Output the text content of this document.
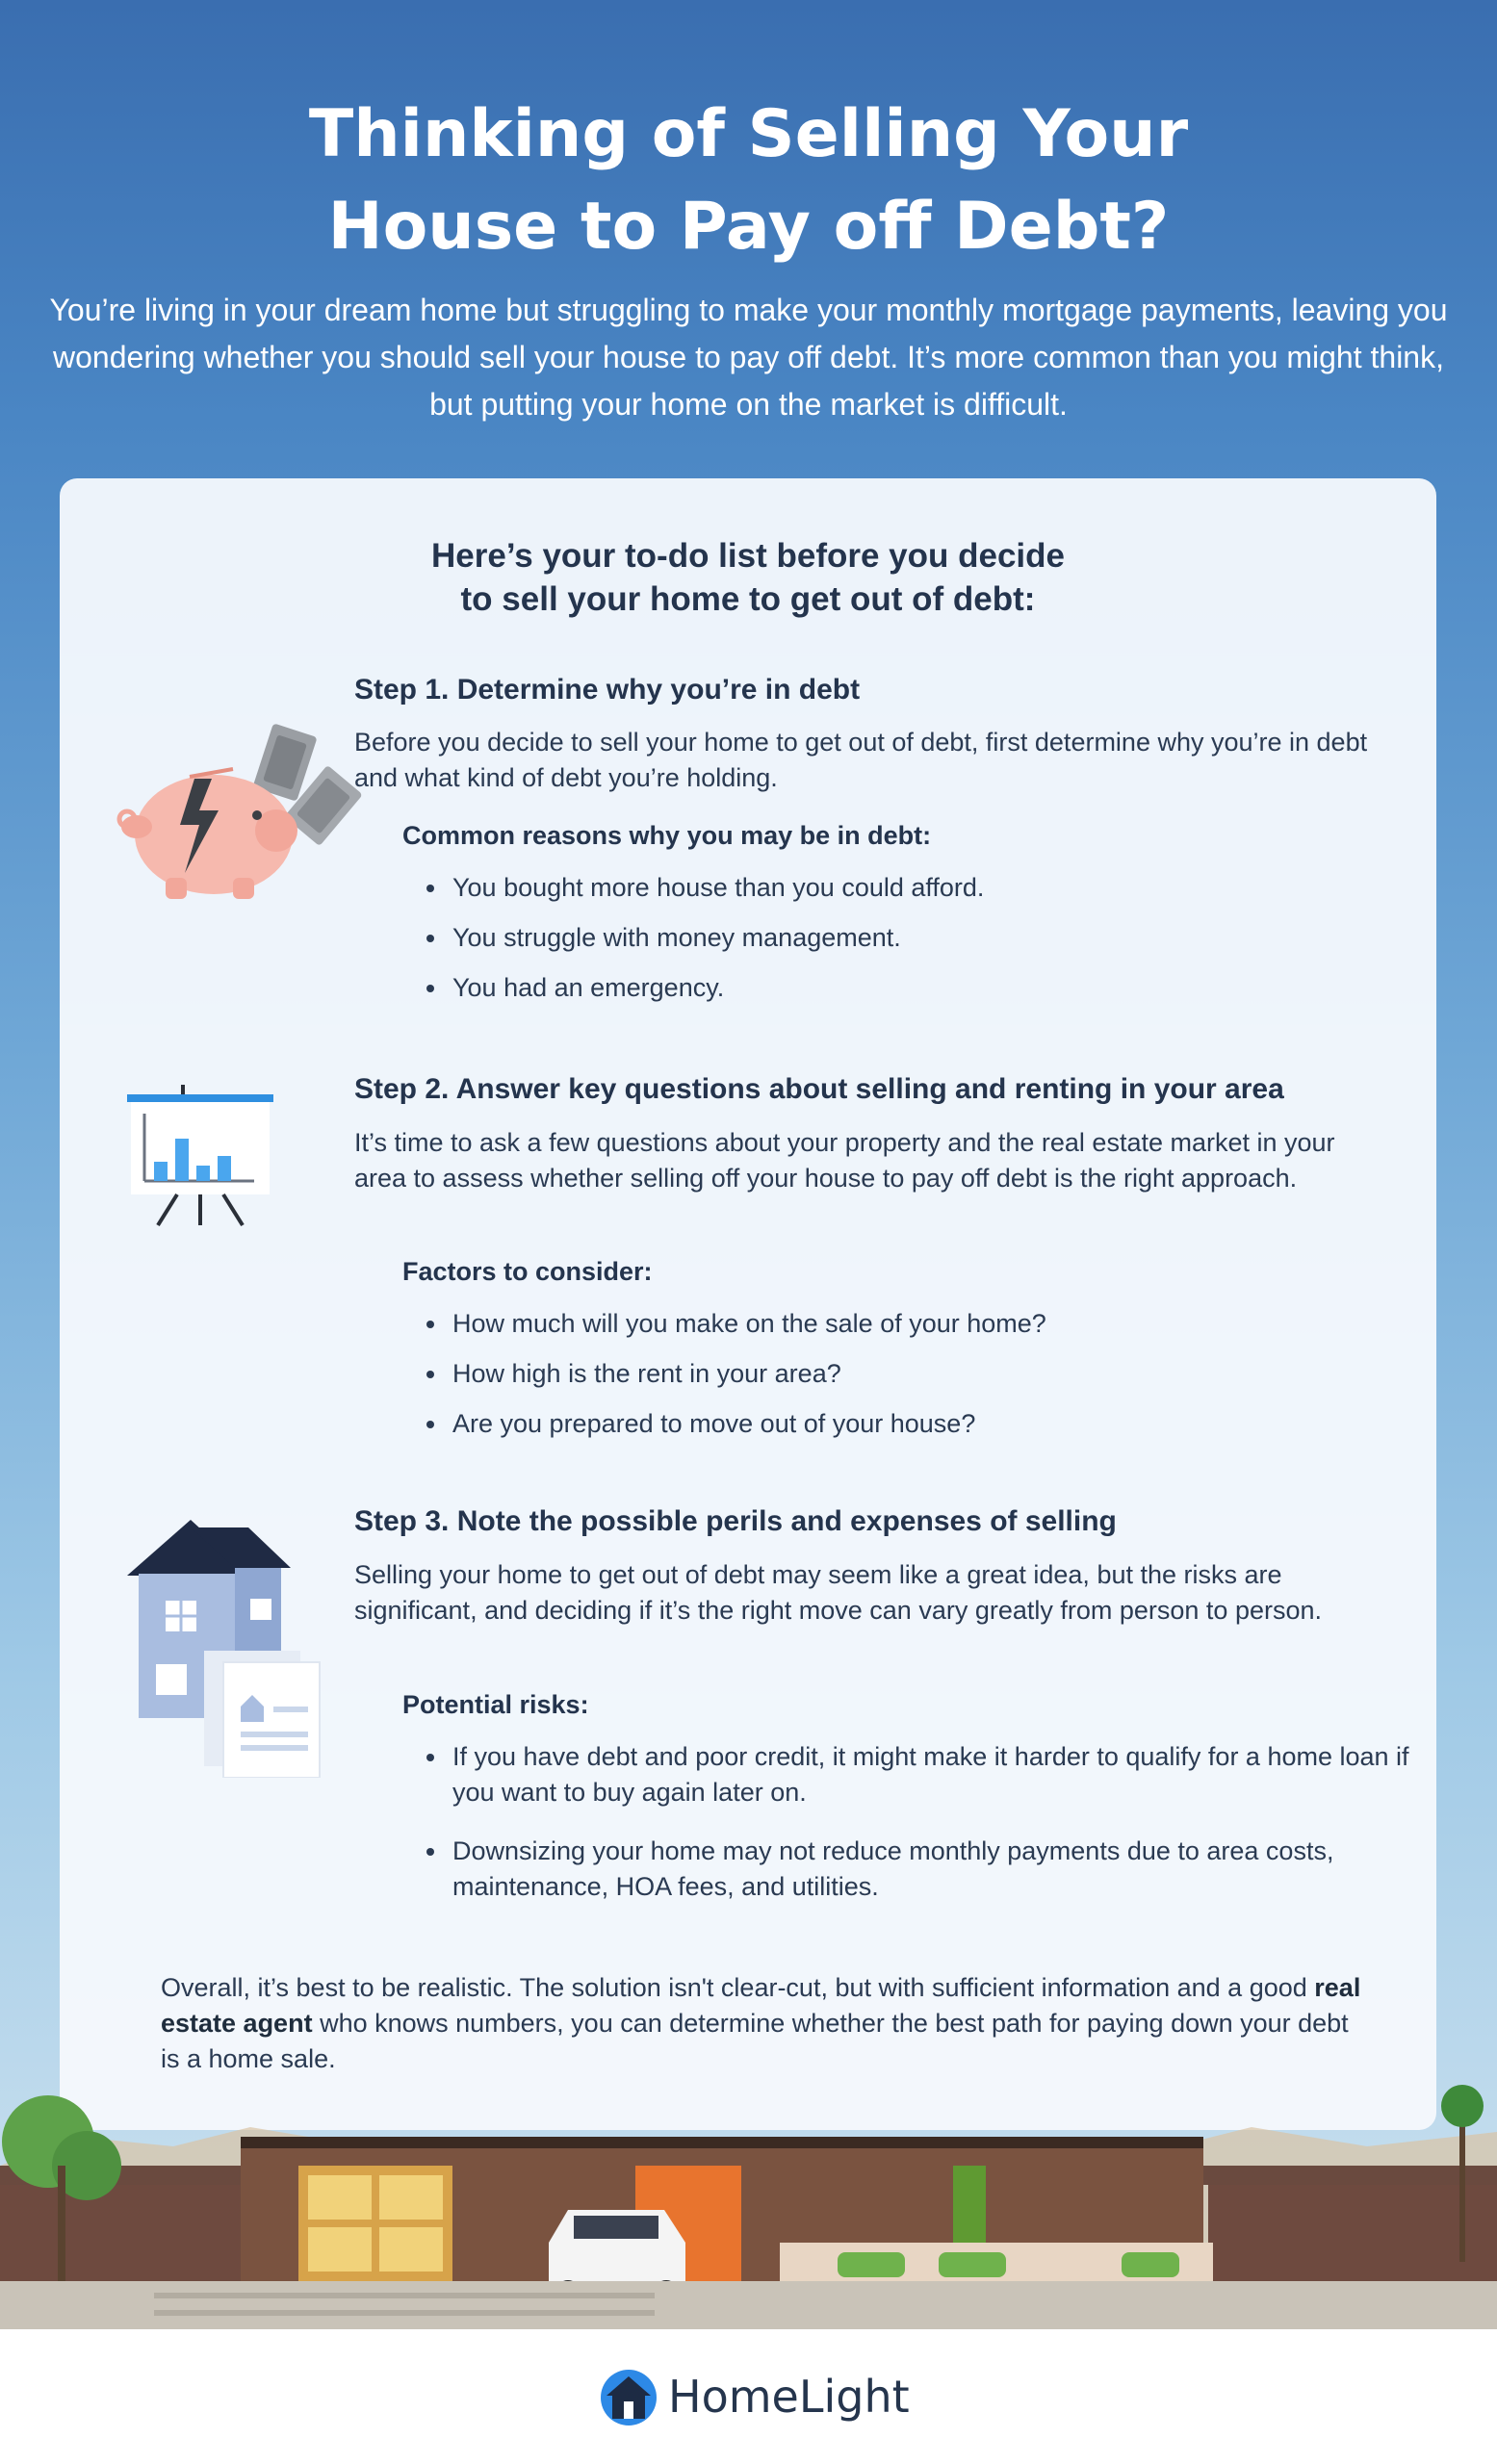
Thinking of Selling Your
House to Pay off Debt?

You’re living in your dream home but struggling to make your monthly mortgage payments, leaving you wondering whether you should sell your house to pay off debt. It’s more common than you might think, but putting your home on the market is difficult.

Here’s your to-do list before you decide
to sell your home to get out of debt:
Step 1. Determine why you’re in debt

Before you decide to sell your home to get out of debt, first determine why you’re in debt and what kind of debt you’re holding.

Common reasons why you may be in debt:
• You bought more house than you could afford.
• You struggle with money management.
• You had an emergency.
Step 2. Answer key questions about selling and renting in your area

It’s time to ask a few questions about your property and the real estate market in your area to assess whether selling off your house to pay off debt is the right approach.

Factors to consider:
• How much will you make on the sale of your home?
• How high is the rent in your area?
• Are you prepared to move out of your house?
Step 3. Note the possible perils and expenses of selling

Selling your home to get out of debt may seem like a great idea, but the risks are significant, and deciding if it’s the right move can vary greatly from person to person.

Potential risks:
• If you have debt and poor credit, it might make it harder to qualify for a home loan if you want to buy again later on.
• Downsizing your home may not reduce monthly payments due to area costs, maintenance, HOA fees, and utilities.

Overall, it’s best to be realistic. The solution isn't clear-cut, but with sufficient information and a good real estate agent who knows numbers, you can determine whether the best path for paying down your debt is a home sale.

HomeLight
